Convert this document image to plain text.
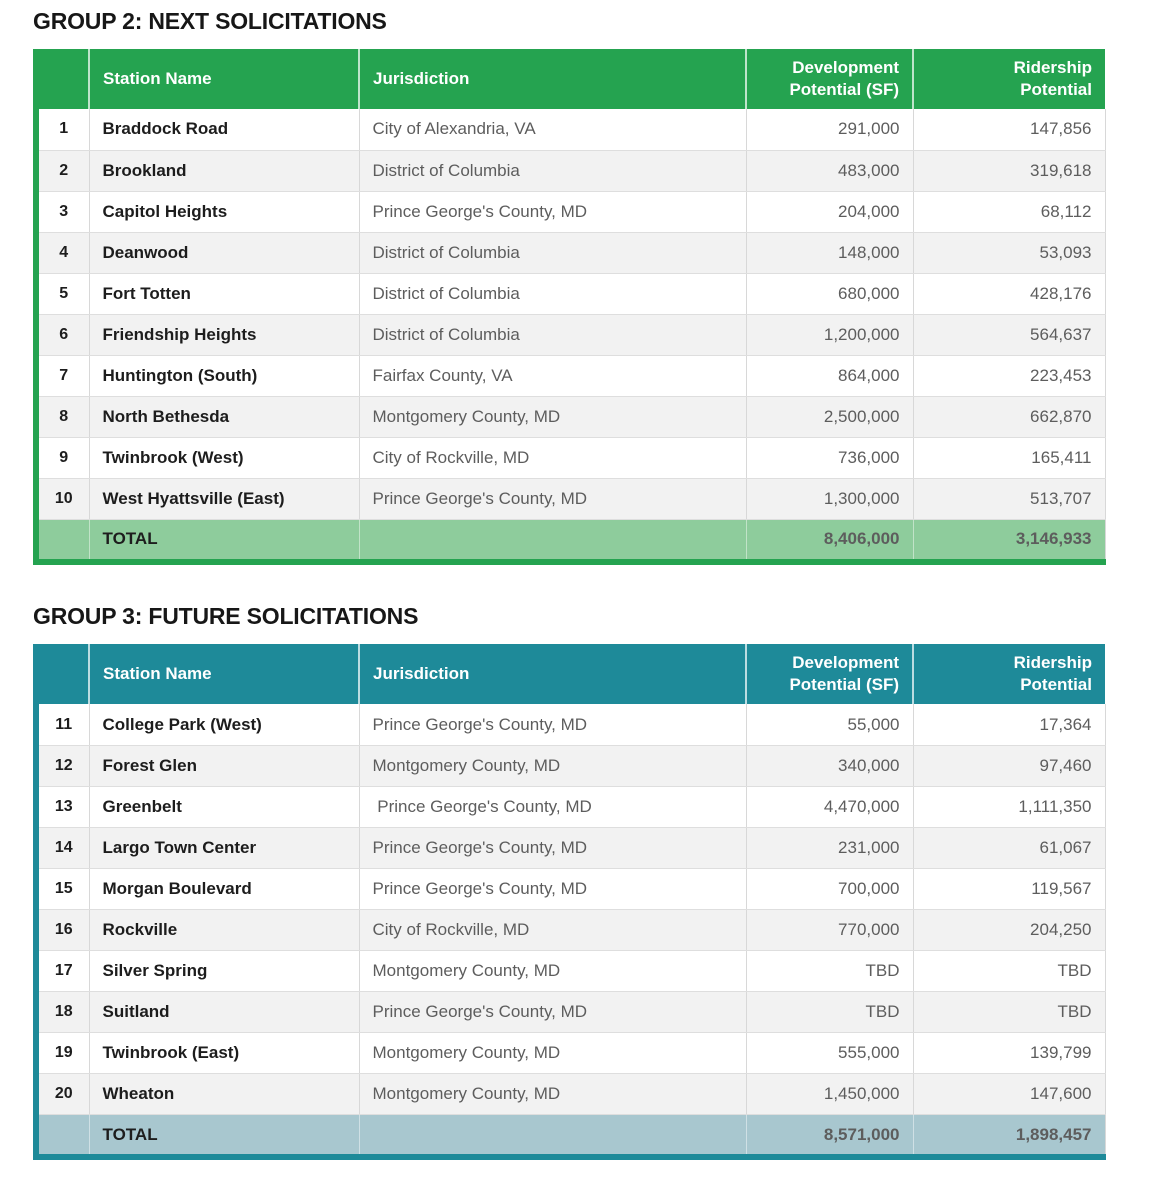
GROUP 2: NEXT SOLICITATIONS
	Station Name	Jurisdiction	Development Potential (SF)	Ridership Potential
1	Braddock Road	City of Alexandria, VA	291,000	147,856
2	Brookland	District of Columbia	483,000	319,618
3	Capitol Heights	Prince George's County, MD	204,000	68,112
4	Deanwood	District of Columbia	148,000	53,093
5	Fort Totten	District of Columbia	680,000	428,176
6	Friendship Heights	District of Columbia	1,200,000	564,637
7	Huntington (South)	Fairfax County, VA	864,000	223,453
8	North Bethesda	Montgomery County, MD	2,500,000	662,870
9	Twinbrook (West)	City of Rockville, MD	736,000	165,411
10	West Hyattsville (East)	Prince George's County, MD	1,300,000	513,707
	TOTAL		8,406,000	3,146,933
GROUP 3: FUTURE SOLICITATIONS
	Station Name	Jurisdiction	Development Potential (SF)	Ridership Potential
11	College Park (West)	Prince George's County, MD	55,000	17,364
12	Forest Glen	Montgomery County, MD	340,000	97,460
13	Greenbelt	Prince George's County, MD	4,470,000	1,111,350
14	Largo Town Center	Prince George's County, MD	231,000	61,067
15	Morgan Boulevard	Prince George's County, MD	700,000	119,567
16	Rockville	City of Rockville, MD	770,000	204,250
17	Silver Spring	Montgomery County, MD	TBD	TBD
18	Suitland	Prince George's County, MD	TBD	TBD
19	Twinbrook (East)	Montgomery County, MD	555,000	139,799
20	Wheaton	Montgomery County, MD	1,450,000	147,600
	TOTAL		8,571,000	1,898,457
